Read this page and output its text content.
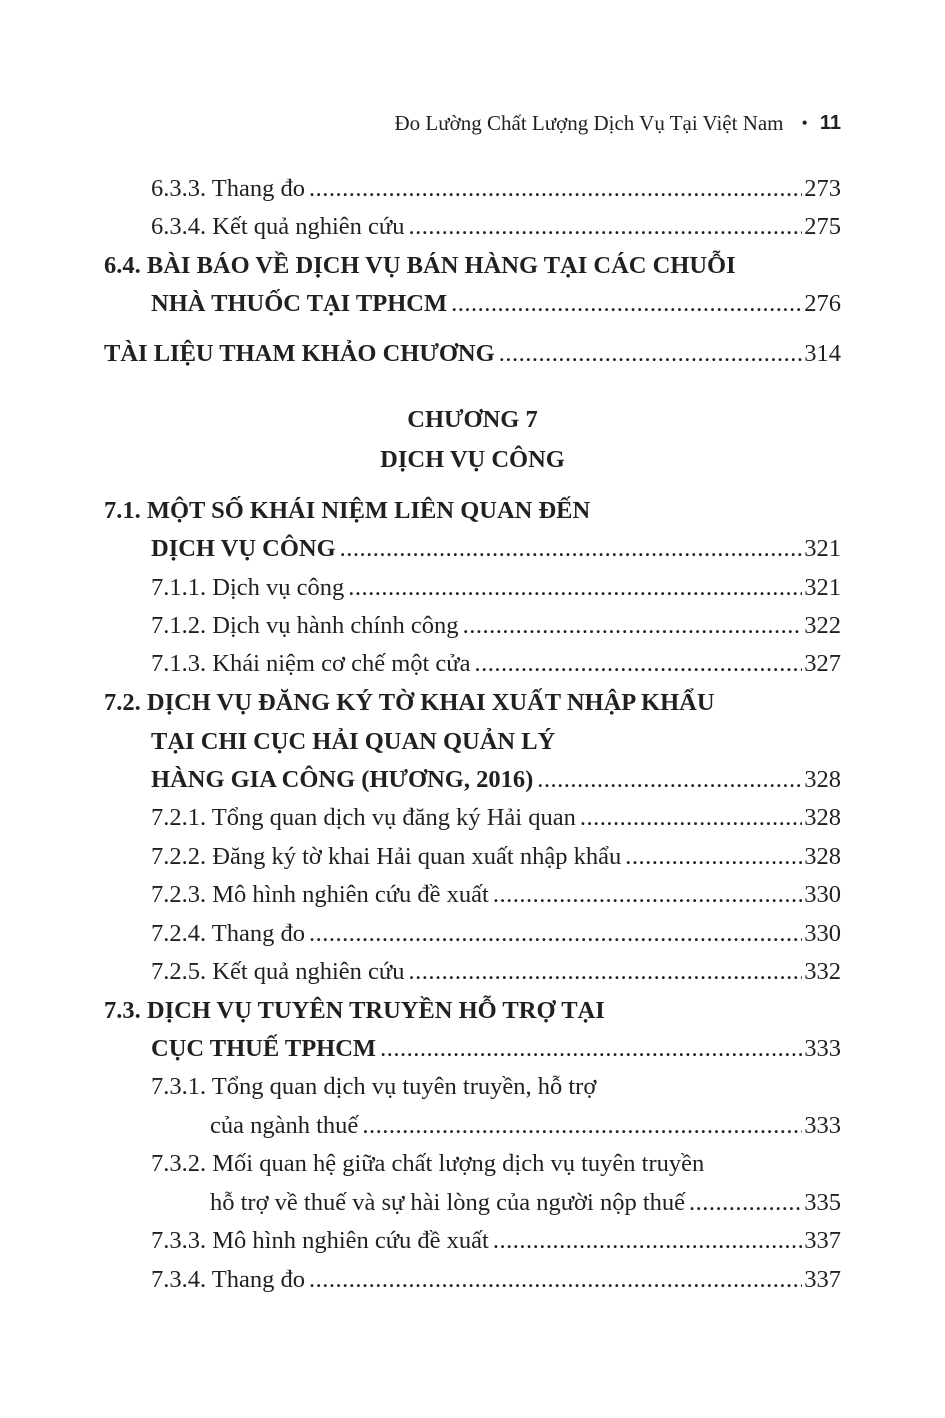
Đo Lường Chất Lượng Dịch Vụ Tại Việt Nam • 11
6.3.3. Thang đo .....	273
6.3.4. Kết quả nghiên cứu .....	275
6.4. BÀI BÁO VỀ DỊCH VỤ BÁN HÀNG TẠI CÁC CHUỖI
NHÀ THUỐC TẠI TPHCM .....	276
TÀI LIỆU THAM KHẢO CHƯƠNG .....	314
CHƯƠNG 7
DỊCH VỤ CÔNG
7.1. MỘT SỐ KHÁI NIỆM LIÊN QUAN ĐẾN
DỊCH VỤ CÔNG .....	321
7.1.1. Dịch vụ công .....	321
7.1.2. Dịch vụ hành chính công .....	322
7.1.3. Khái niệm cơ chế một cửa .....	327
7.2. DỊCH VỤ ĐĂNG KÝ TỜ KHAI XUẤT NHẬP KHẨU
TẠI CHI CỤC HẢI QUAN QUẢN LÝ
HÀNG GIA CÔNG (HƯƠNG, 2016) .....	328
7.2.1. Tổng quan dịch vụ đăng ký Hải quan .....	328
7.2.2. Đăng ký tờ khai Hải quan xuất nhập khẩu .....	328
7.2.3. Mô hình nghiên cứu đề xuất .....	330
7.2.4. Thang đo .....	330
7.2.5. Kết quả nghiên cứu .....	332
7.3. DỊCH VỤ TUYÊN TRUYỀN HỖ TRỢ TẠI
CỤC THUẾ TPHCM .....	333
7.3.1. Tổng quan dịch vụ tuyên truyền, hỗ trợ
của ngành thuế .....	333
7.3.2. Mối quan hệ giữa chất lượng dịch vụ tuyên truyền
hỗ trợ về thuế và sự hài lòng của người nộp thuế .....	335
7.3.3. Mô hình nghiên cứu đề xuất .....	337
7.3.4. Thang đo .....	337
